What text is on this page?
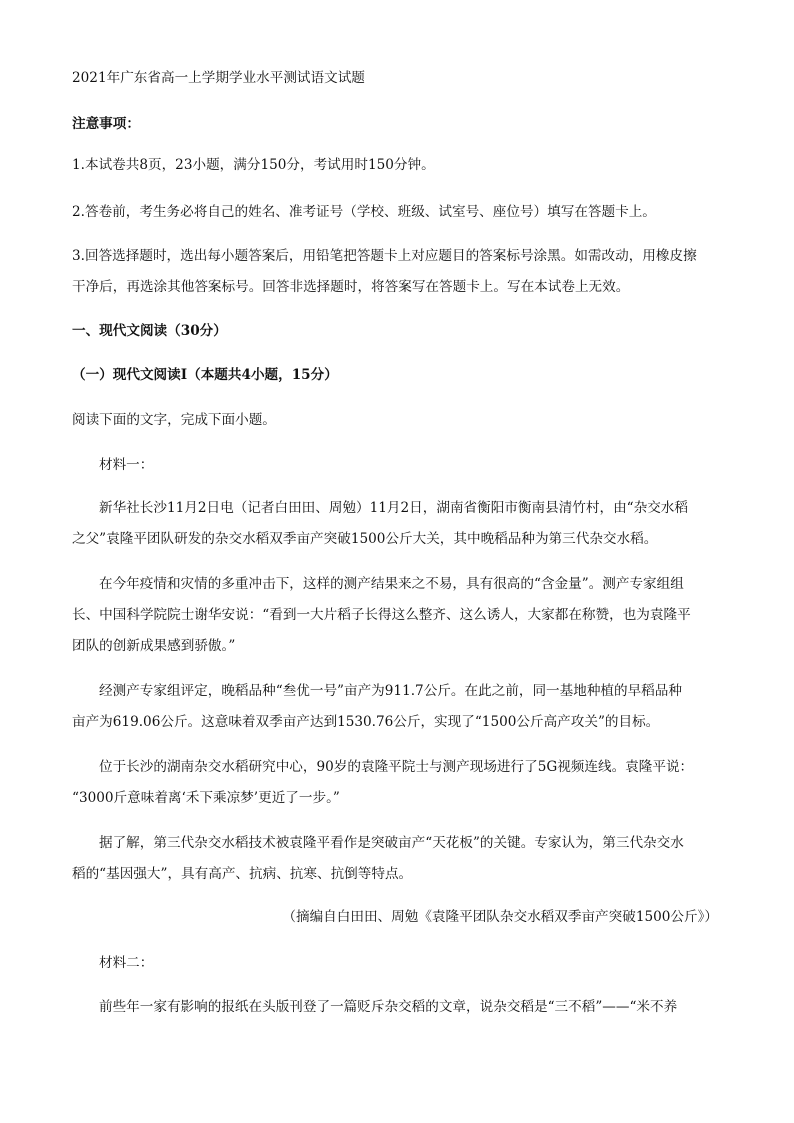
2021年广东省高一上学期学业水平测试语文试题
注意事项：
1.本试卷共8页，23小题，满分150分，考试用时150分钟。
2.答卷前，考生务必将自己的姓名、准考证号（学校、班级、试室号、座位号）填写在答题卡上。
3.回答选择题时，选出每小题答案后，用铅笔把答题卡上对应题目的答案标号涂黑。如需改动，用橡皮擦
干净后，再选涂其他答案标号。回答非选择题时，将答案写在答题卡上。写在本试卷上无效。
一、现代文阅读（30分）
（一）现代文阅读Ⅰ（本题共4小题，15分）
阅读下面的文字，完成下面小题。
材料一：
新华社长沙11月2日电（记者白田田、周勉）11月2日，湖南省衡阳市衡南县清竹村，由“杂交水稻
之父”袁隆平团队研发的杂交水稻双季亩产突破1500公斤大关，其中晚稻品种为第三代杂交水稻。
在今年疫情和灾情的多重冲击下，这样的测产结果来之不易，具有很高的“含金量”。测产专家组组
长、中国科学院院士谢华安说：“看到一大片稻子长得这么整齐、这么诱人，大家都在称赞，也为袁隆平
团队的创新成果感到骄傲。”
经测产专家组评定，晚稻品种“叁优一号”亩产为911.7公斤。在此之前，同一基地种植的早稻品种
亩产为619.06公斤。这意味着双季亩产达到1530.76公斤，实现了“1500公斤高产攻关”的目标。
位于长沙的湖南杂交水稻研究中心，90岁的袁隆平院士与测产现场进行了5G视频连线。袁隆平说：
“3000斤意味着离‘禾下乘凉梦’更近了一步。”
据了解，第三代杂交水稻技术被袁隆平看作是突破亩产“天花板”的关键。专家认为，第三代杂交水
稻的“基因强大”，具有高产、抗病、抗寒、抗倒等特点。
（摘编自白田田、周勉《袁隆平团队杂交水稻双季亩产突破1500公斤》）
材料二：
前些年一家有影响的报纸在头版刊登了一篇贬斥杂交稻的文章，说杂交稻是“三不稻”——“米不养
